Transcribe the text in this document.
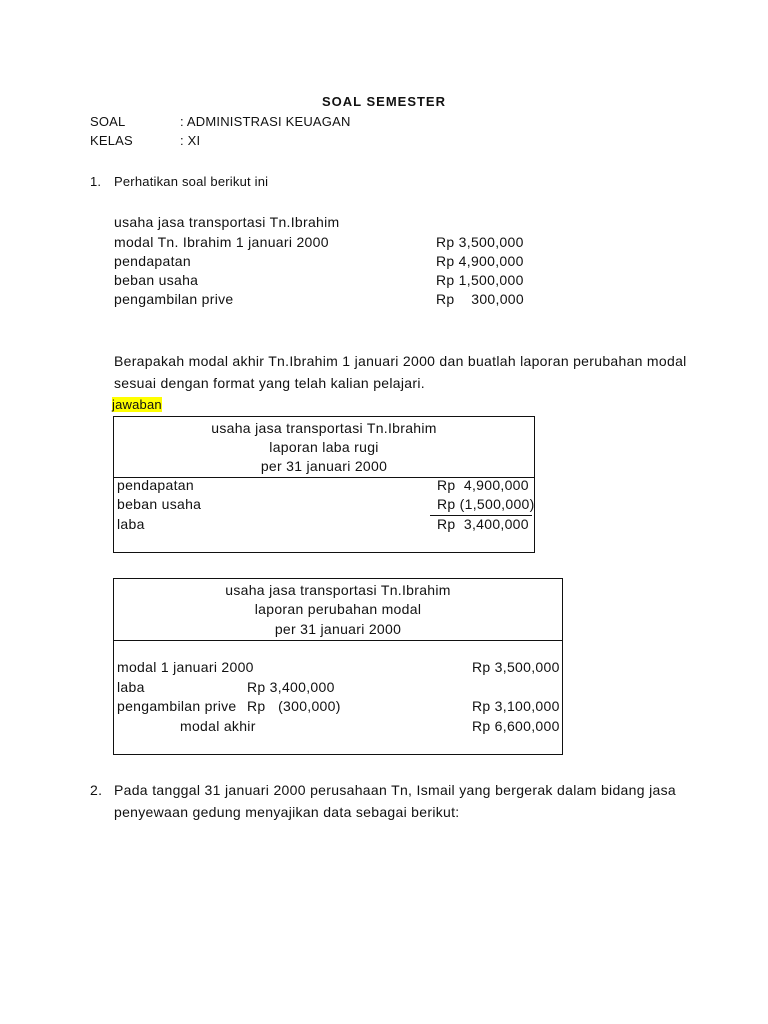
SOAL SEMESTER
SOAL	: ADMINISTRASI KEUAGAN
KELAS	: XI
1. Perhatikan soal berikut ini
usaha jasa transportasi Tn.Ibrahim
modal Tn. Ibrahim 1 januari 2000	Rp 3,500,000
pendapatan	Rp 4,900,000
beban usaha	Rp 1,500,000
pengambilan prive	Rp    300,000
Berapakah modal akhir Tn.Ibrahim 1 januari 2000 dan buatlah laporan perubahan modal
sesuai dengan format yang telah kalian pelajari.
jawaban
usaha jasa transportasi Tn.Ibrahim
laporan laba rugi
per 31 januari 2000
pendapatan	Rp  4,900,000
beban usaha	Rp (1,500,000)
laba	Rp  3,400,000
usaha jasa transportasi Tn.Ibrahim
laporan perubahan modal
per 31 januari 2000
modal 1 januari 2000	Rp 3,500,000
laba	Rp 3,400,000
pengambilan prive Rp   (300,000)	Rp 3,100,000
modal akhir	Rp 6,600,000
2. Pada tanggal 31 januari 2000 perusahaan Tn, Ismail yang bergerak dalam bidang jasa
penyewaan gedung menyajikan data sebagai berikut:
